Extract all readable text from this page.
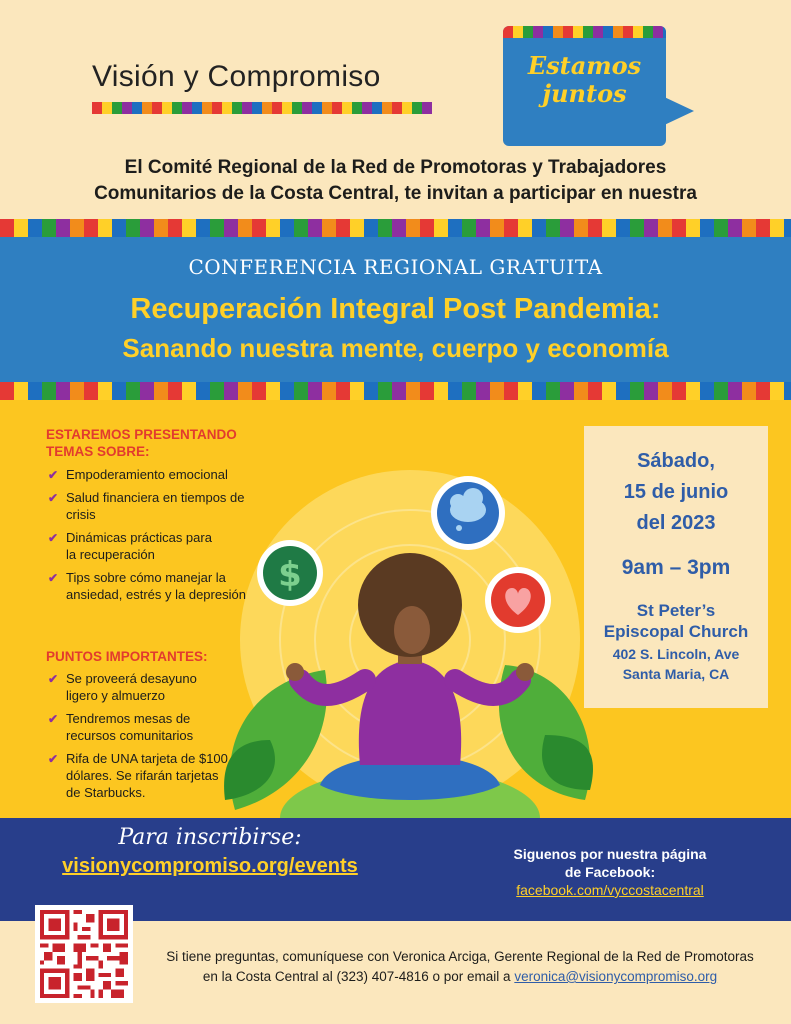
Visión y Compromiso	Estamos
juntos
El Comité Regional de la Red de Promotoras y Trabajadores
Comunitarios de la Costa Central, te invitan a participar en nuestra
CONFERENCIA REGIONAL GRATUITA
Recuperación Integral Post Pandemia:
Sanando nuestra mente, cuerpo y economía
$
ESTAREMOS PRESENTANDO
TEMAS SOBRE:
✔ Empoderamiento emocional
✔ Salud financiera en tiempos de crisis
✔ Dinámicas prácticas para la recuperación
✔ Tips sobre cómo manejar la ansiedad, estrés y la depresión
PUNTOS IMPORTANTES:
✔ Se proveerá desayuno ligero y almuerzo
✔ Tendremos mesas de recursos comunitarios
✔ Rifa de UNA tarjeta de $100 dólares. Se rifarán tarjetas de Starbucks.
Sábado,
15 de junio
del 2023
9am – 3pm
St Peter’s
Episcopal Church
402 S. Lincoln, Ave
Santa Maria, CA
Para inscribirse:
visionycompromiso.org/events
Siguenos por nuestra página
de Facebook:
facebook.com/vyccostacentral
Si tiene preguntas, comuníquese con Veronica Arciga, Gerente Regional de la Red de Promotoras
en la Costa Central al (323) 407-4816 o por email a veronica@visionycompromiso.org
